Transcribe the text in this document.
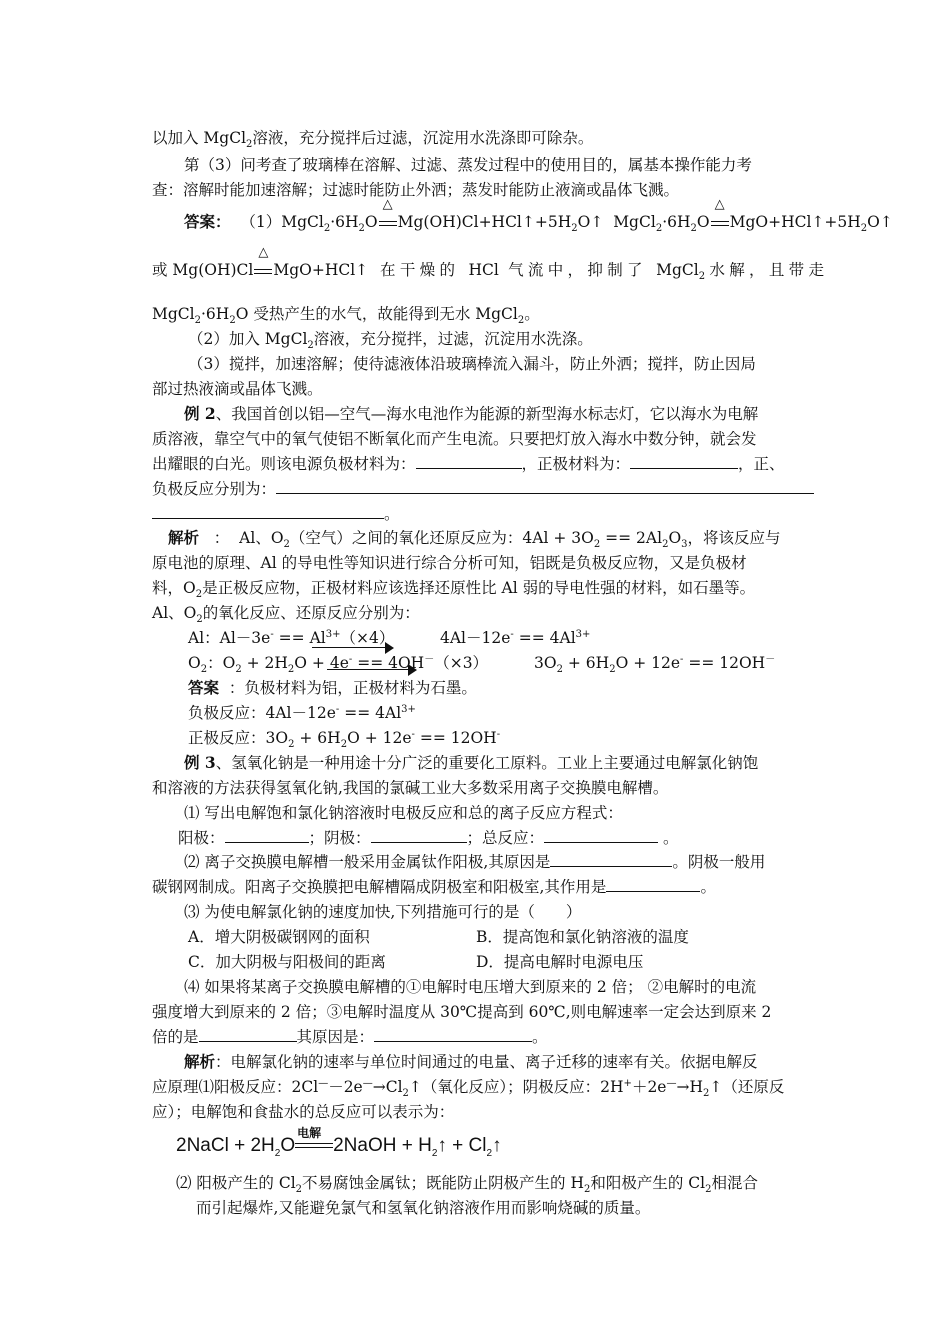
以加入 MgCl$_2$溶液，充分搅拌后过滤，沉淀用水洗涤即可除杂。
第（3）问考查了玻璃棒在溶解、过滤、蒸发过程中的使用目的，属基本操作能力考
查：溶解时能加速溶解；过滤时能防止外洒；蒸发时能防止液滴或晶体飞溅。
答案： $(1)MgCl_2\cdot 6H_2O$
△
$Mg(OH)Cl+HCl↑+5H_2O↑$ $MgCl_2\cdot 6H_2O$
△
$MgO+HCl↑+5H_2O↑$
或 Mg(OH)Cl
△
MgO+HCl↑ 在干燥的 HCl 气流中，抑制了 MgCl$_2$水解，且带走
$MgCl_2\cdot 6H_2O$ 受热产生的水气，故能得到无水 MgCl$_2$。
（2）加入 MgCl$_2$溶液，充分搅拌，过滤，沉淀用水洗涤。
（3）搅拌，加速溶解；使待滤液体沿玻璃棒流入漏斗，防止外洒；搅拌，防止因局
部过热液滴或晶体飞溅。
例 2、我国首创以铝—空气—海水电池作为能源的新型海水标志灯，它以海水为电解
质溶液，靠空气中的氧气使铝不断氧化而产生电流。只要把灯放入海水中数分钟，就会发
出耀眼的白光。则该电源负极材料为：	，正极材料为：	，正、
负极反应分别为：
。
解析 ： Al、$O_2$（空气）之间的氧化还原反应为：$4Al + 3O_2 == 2Al_2O_3$，将该反应与
原电池的原理、Al 的导电性等知识进行综合分析可知，铝既是负极反应物，又是负极材
料，$O_2$是正极反应物，正极材料应该选择还原性比 Al 弱的导电性强的材料，如石墨等。
Al、$O_2$的氧化反应、还原反应分别为：
Al：$Al-3e^- == Al^{3+}(\times 4)$	$4Al-12e^- == 4Al^{3+}$
$O_2$：$O_2 + 2H_2O + 4e^- == 4OH^-(\times 3)$	$3O_2 + 6H_2O + 12e^- == 12OH^-$
答案 ：负极材料为铝，正极材料为石墨。
负极反应：$4Al-12e^- == 4Al^{3+}$
正极反应：$3O_2 + 6H_2O + 12e^- == 12OH^-$
例 3、氢氧化钠是一种用途十分广泛的重要化工原料。工业上主要通过电解氯化钠饱
和溶液的方法获得氢氧化钠,我国的氯碱工业大多数采用离子交换膜电解槽。
⑴ 写出电解饱和氯化钠溶液时电极反应和总的离子反应方程式：
阳极：	；阴极：	；总反应：	。
⑵ 离子交换膜电解槽一般采用金属钛作阳极,其原因是	。阴极一般用
碳钢网制成。阳离子交换膜把电解槽隔成阴极室和阳极室,其作用是	。
⑶ 为使电解氯化钠的速度加快,下列措施可行的是（　　）
A．增大阴极碳钢网的面积	B．提高饱和氯化钠溶液的温度
C．加大阴极与阳极间的距离	D．提高电解时电源电压
⑷ 如果将某离子交换膜电解槽的①电解时电压增大到原来的 2 倍； ②电解时的电流
强度增大到原来的 2 倍；③电解时温度从 30℃提高到 60℃,则电解速率一定会达到原来 2
倍的是	其原因是：	。
解析：电解氯化钠的速率与单位时间通过的电量、离子迁移的速率有关。依据电解反
应原理⑴阳极反应：$2Cl^—-2e^—\to Cl_2↑$（氧化反应）；阴极反应：$2H^++2e^—\to H_2↑$（还原反
应）；电解饱和食盐水的总反应可以表示为：
2NaCl + $2H_2O$
电解
2NaOH + $H_2↑$ + $Cl_2↑$
⑵ 阳极产生的 $Cl_2$不易腐蚀金属钛；既能防止阴极产生的 $H_2$和阳极产生的 $Cl_2$相混合
而引起爆炸,又能避免氯气和氢氧化钠溶液作用而影响烧碱的质量。
